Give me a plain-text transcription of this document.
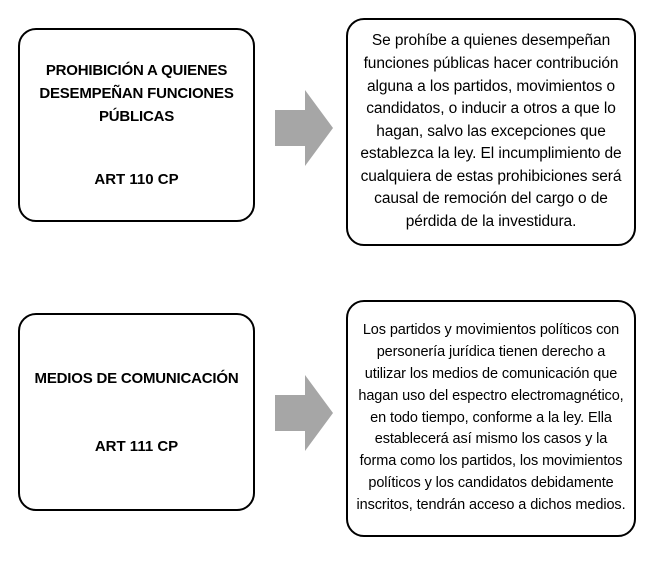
PROHIBICIÓN A QUIENES DESEMPEÑAN FUNCIONES PÚBLICAS
ART 110 CP
Se prohíbe a quienes desempeñan funciones públicas hacer contribución alguna a los partidos, movimientos o candidatos, o inducir a otros a que lo hagan, salvo las excepciones que establezca la ley. El incumplimiento de cualquiera de estas prohibiciones será causal de remoción del cargo o de pérdida de la investidura.
MEDIOS DE COMUNICACIÓN
ART 111 CP
Los partidos y movimientos políticos con personería jurídica tienen derecho a utilizar los medios de comunicación que hagan uso del espectro electromagnético, en todo tiempo, conforme a la ley. Ella establecerá así mismo los casos y la forma como los partidos, los movimientos políticos y los candidatos debidamente inscritos, tendrán acceso a dichos medios.
